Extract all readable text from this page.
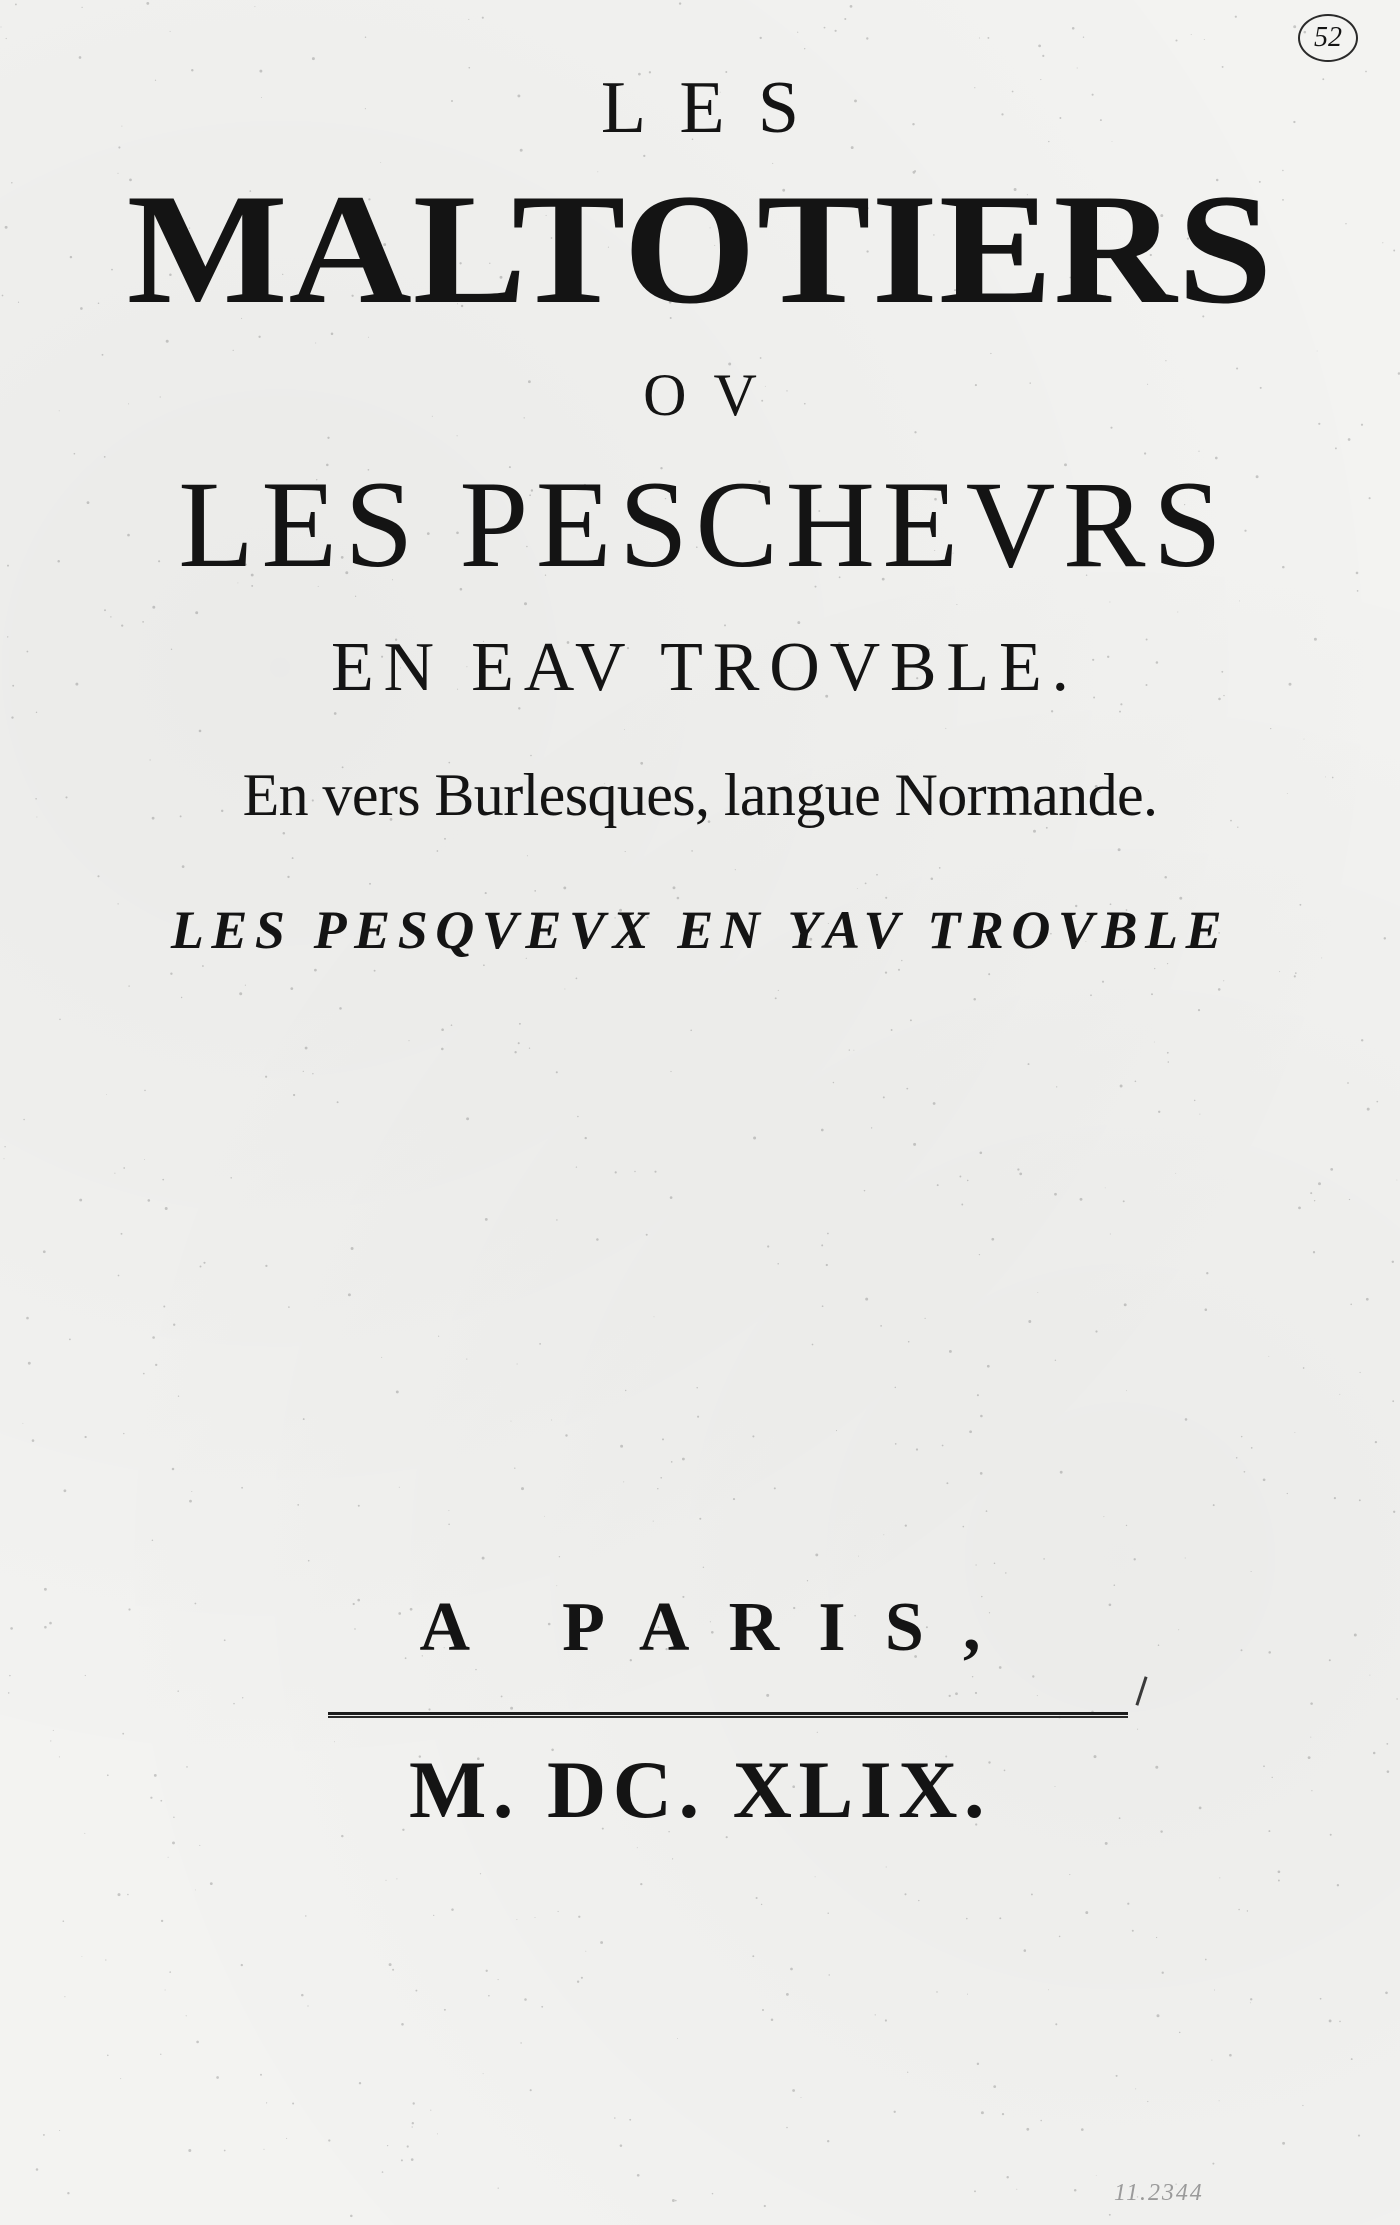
52
LES
MALTOTIERS
OV
LES PESCHEVRS
EN EAV TROVBLE.
En vers Burlesques, langue Normande.
LES PESQVEVX EN YAV TROVBLE
A PARIS,
M. DC. XLIX.
11.2344
